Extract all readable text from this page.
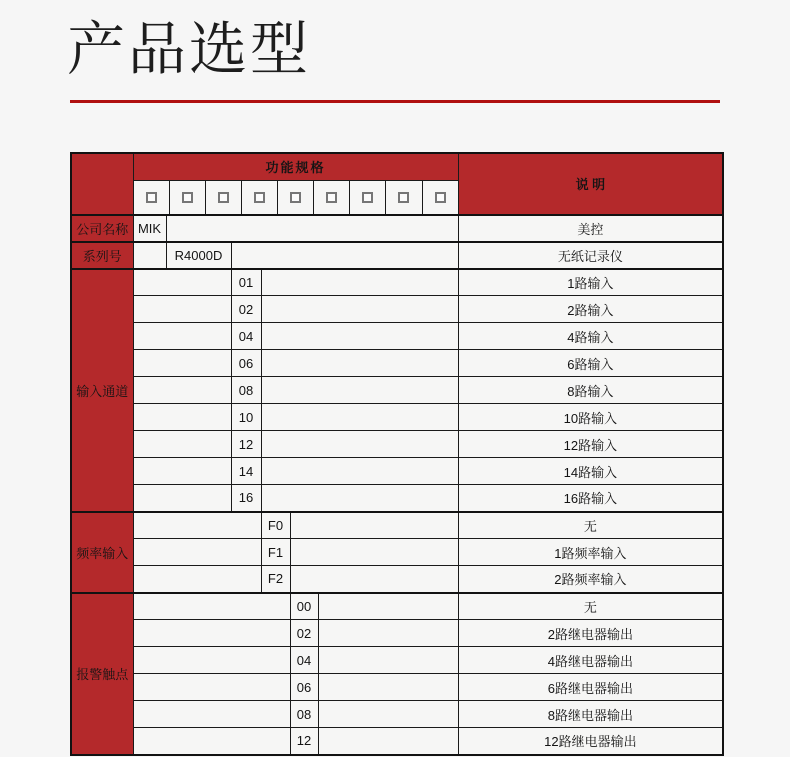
产品选型
	功能规格						说 明

公司名称	MIK						美控
系列号		R4000D					无纸记录仪
输入通道			01				1路输入
			02				2路输入
			04				4路输入
			06				6路输入
			08				8路输入
			10				10路输入
			12				12路输入
			14				14路输入
			16				16路输入
频率输入				F0			无
				F1			1路频率输入
				F2			2路频率输入
报警触点					00		无
					02		2路继电器输出
					04		4路继电器输出
					06		6路继电器输出
					08		8路继电器输出
					12		12路继电器输出
